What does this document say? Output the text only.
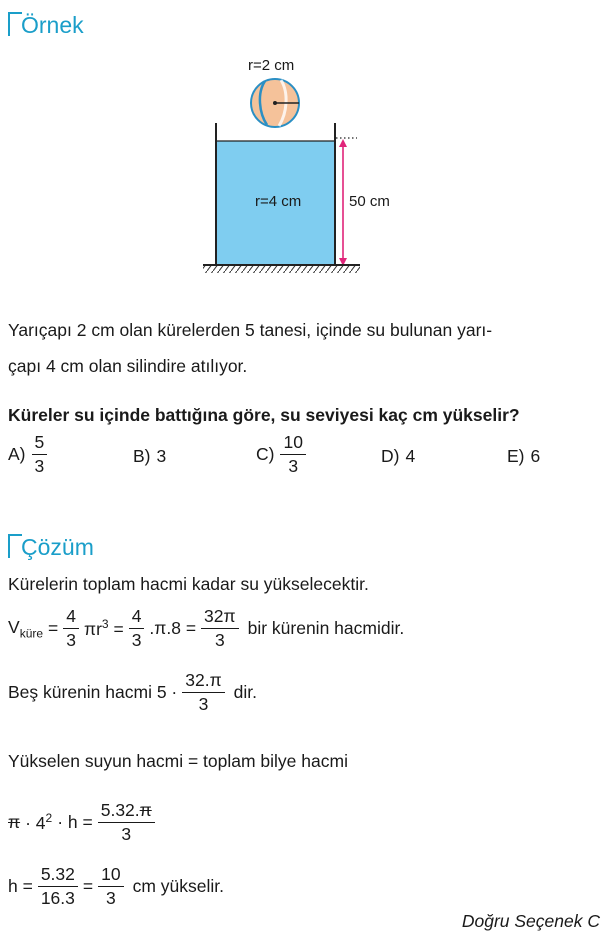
Örnek
r=2 cm
r=4 cm	50 cm
Yarıçapı 2 cm olan kürelerden 5 tanesi, içinde su bulunan yarı-
çapı 4 cm olan silindire atılıyor.
Küreler su içinde battığına göre, su seviyesi kaç cm yükselir?
$A) \frac{5}{3}$	B) 3	$C) \frac{10}{3}$	D) 4	E) 6
Çözüm
Kürelerin toplam hacmi kadar su yükselecektir.
$V_{küre} = \frac{4}{3} \pi r^3 = \frac{4}{3} .\pi.8 = \frac{32\pi}{3}$ bir kürenin hacmidir.
Beş kürenin hacmi $5 \cdot \frac{32.\pi}{3}$ dir.
Yükselen suyun hacmi = toplam bilye hacmi
$\pi \cdot 4^2 \cdot h = \frac{5.32.\pi}{3}$
$h = \frac{5.32}{16.3} = \frac{10}{3}$ cm yükselir.
Doğru Seçenek C
